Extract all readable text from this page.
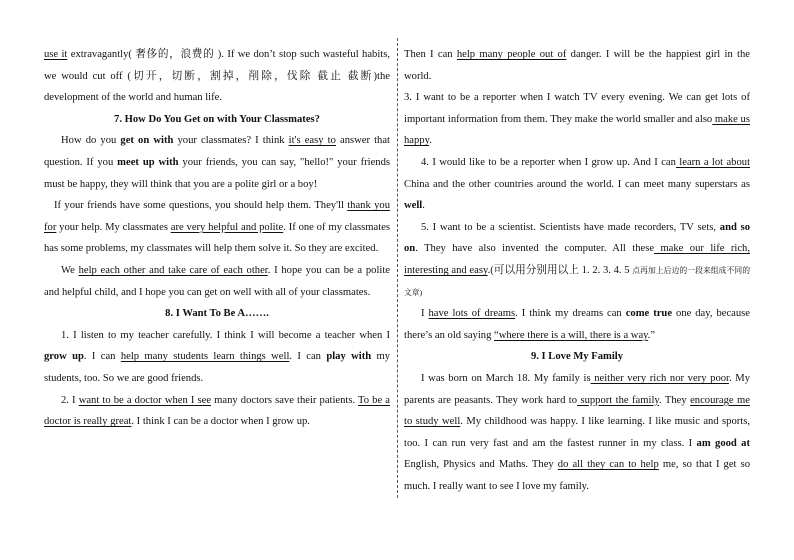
use it extravagantly( 奢侈的，浪费的 ). If we don’t stop such wasteful habits, we would cut off (切开，切断，割掉，削除，伐除 截止 截断)the development of the world and human life.

7. How Do You Get on with Your Classmates?

How do you get on with your classmates? I think it's easy to answer that question. If you meet up with your friends, you can say, "hello!" your friends must be happy, they will think that you are a polite girl or a boy!

If your friends have some questions, you should help them. They'll thank you for your help. My classmates are very helpful and polite. If one of my classmates has some problems, my classmates will help them solve it. So they are excited.

We help each other and take care of each other. I hope you can be a polite and helpful child, and I hope you can get on well with all of your classmates.

8. I Want To Be A…….

1. I listen to my teacher carefully. I think I will become a teacher when I grow up. I can help many students learn things well. I can play with my students, too. So we are good friends.

2. I want to be a doctor when I see many doctors save their patients. To be a doctor is really great. I think I can be a doctor when I grow up.

Then I can help many people out of danger. I will be the happiest girl in the world.

3. I want to be a reporter when I watch TV every evening. We can get lots of important information from them. They make the world smaller and also make us happy.

4. I would like to be a reporter when I grow up. And I can learn a lot about China and the other countries around the world. I can meet many superstars as well.

5. I want to be a scientist. Scientists have made recorders, TV sets, and so on. They have also invented the computer. All these make our life rich, interesting and easy.(可以用分别用以上 1. 2. 3. 4. 5 点再加上后边的一段来组成不同的文章)

I have lots of dreams. I think my dreams can come true one day, because there’s an old saying “where there is a will, there is a way.”

9. I Love My Family

I was born on March 18. My family is neither very rich nor very poor. My parents are peasants. They work hard to support the family. They encourage me to study well. My childhood was happy. I like learning. I like music and sports, too. I can run very fast and am the fastest runner in my class. I am good at English, Physics and Maths. They do all they can to help me, so that I get so much. I really want to see I love my family.
